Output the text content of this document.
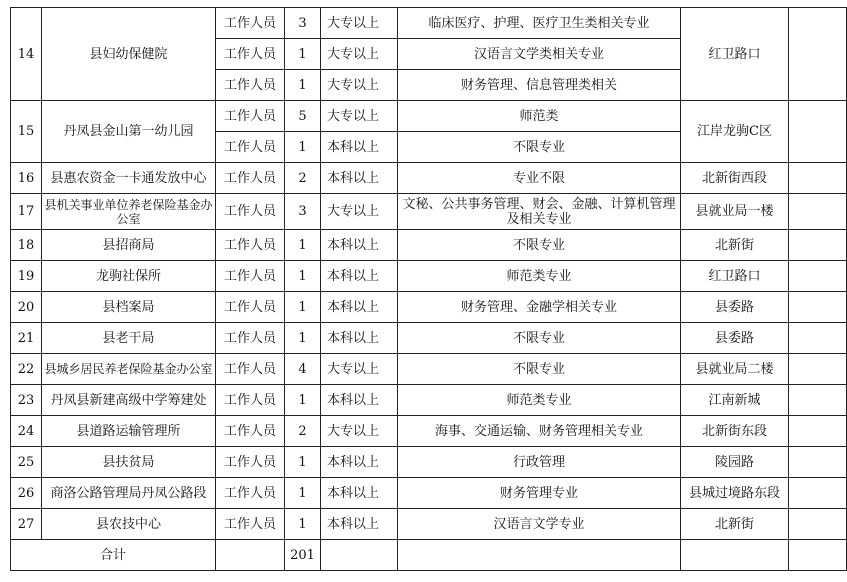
14	县妇幼保健院	工作人员	3	大专以上	临床医疗、护理、医疗卫生类相关专业	红卫路口	
		工作人员	1	大专以上	汉语言文学类相关专业		
		工作人员	1	大专以上	财务管理、信息管理类相关		
15	丹凤县金山第一幼儿园	工作人员	5	大专以上	师范类	江岸龙驹C区	
		工作人员	1	本科以上	不限专业		
16	县惠农资金一卡通发放中心	工作人员	2	本科以上	专业不限	北新街西段	
17	县机关事业单位养老保险基金办公室	工作人员	3	大专以上	文秘、公共事务管理、财会、金融、计算机管理及相关专业	县就业局一楼	
18	县招商局	工作人员	1	本科以上	不限专业	北新街	
19	龙驹社保所	工作人员	1	本科以上	师范类专业	红卫路口	
20	县档案局	工作人员	1	本科以上	财务管理、金融学相关专业	县委路	
21	县老干局	工作人员	1	本科以上	不限专业	县委路	
22	县城乡居民养老保险基金办公室	工作人员	4	大专以上	不限专业	县就业局二楼	
23	丹凤县新建高级中学筹建处	工作人员	1	本科以上	师范类专业	江南新城	
24	县道路运输管理所	工作人员	2	大专以上	海事、交通运输、财务管理相关专业	北新街东段	
25	县扶贫局	工作人员	1	本科以上	行政管理	陵园路	
26	商洛公路管理局丹凤公路段	工作人员	1	本科以上	财务管理专业	县城过境路东段	
27	县农技中心	工作人员	1	本科以上	汉语言文学专业	北新街	
合计			201				
